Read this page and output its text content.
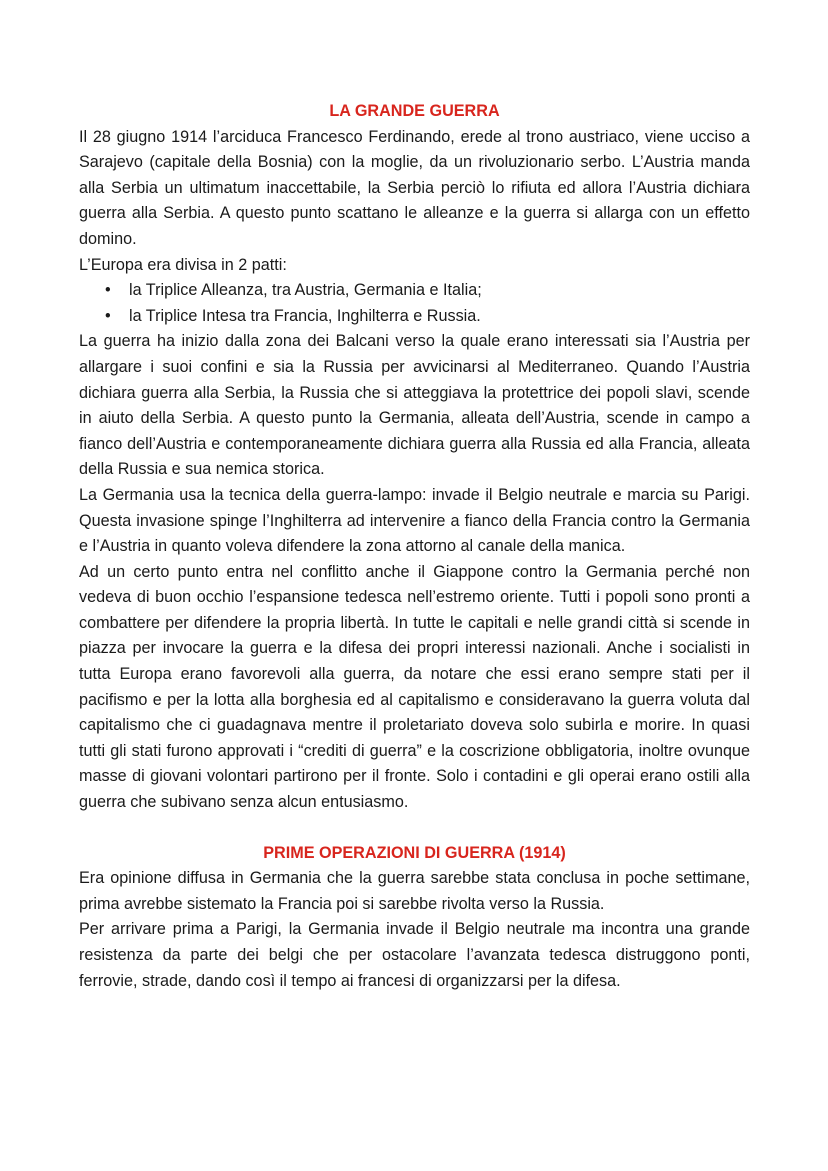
LA GRANDE GUERRA

Il 28 giugno 1914 l’arciduca Francesco Ferdinando, erede al trono austriaco, viene ucciso a Sarajevo (capitale della Bosnia) con la moglie, da un rivoluzionario serbo. L’Austria manda alla Serbia un ultimatum inaccettabile, la Serbia perciò lo rifiuta ed allora l’Austria dichiara guerra alla Serbia. A questo punto scattano le alleanze e la guerra si allarga con un effetto domino.

L’Europa era divisa in 2 patti:

• la Triplice Alleanza, tra Austria, Germania e Italia;
• la Triplice Intesa tra Francia, Inghilterra e Russia.

La guerra ha inizio dalla zona dei Balcani verso la quale erano interessati sia l’Austria per allargare i suoi confini e sia la Russia per avvicinarsi al Mediterraneo. Quando l’Austria dichiara guerra alla Serbia, la Russia che si atteggiava la protettrice dei popoli slavi, scende in aiuto della Serbia. A questo punto la Germania, alleata dell’Austria, scende in campo a fianco dell’Austria e contemporaneamente dichiara guerra alla Russia ed alla Francia, alleata della Russia e sua nemica storica.

La Germania usa la tecnica della guerra-lampo: invade il Belgio neutrale e marcia su Parigi. Questa invasione spinge l’Inghilterra ad intervenire a fianco della Francia contro la Germania e l’Austria in quanto voleva difendere la zona attorno al canale della manica.

Ad un certo punto entra nel conflitto anche il Giappone contro la Germania perché non vedeva di buon occhio l’espansione tedesca nell’estremo oriente. Tutti i popoli sono pronti a combattere per difendere la propria libertà. In tutte le capitali e nelle grandi città si scende in piazza per invocare la guerra e la difesa dei propri interessi nazionali. Anche i socialisti in tutta Europa erano favorevoli alla guerra, da notare che essi erano sempre stati per il pacifismo e per la lotta alla borghesia ed al capitalismo e consideravano la guerra voluta dal capitalismo che ci guadagnava mentre il proletariato doveva solo subirla e morire. In quasi tutti gli stati furono approvati i “crediti di guerra” e la coscrizione obbligatoria, inoltre ovunque masse di giovani volontari partirono per il fronte. Solo i contadini e gli operai erano ostili alla guerra che subivano senza alcun entusiasmo.

PRIME OPERAZIONI DI GUERRA (1914)

Era opinione diffusa in Germania che la guerra sarebbe stata conclusa in poche settimane, prima avrebbe sistemato la Francia poi si sarebbe rivolta verso la Russia.

Per arrivare prima a Parigi, la Germania invade il Belgio neutrale ma incontra una grande resistenza da parte dei belgi che per ostacolare l’avanzata tedesca distruggono ponti, ferrovie, strade, dando così il tempo ai francesi di organizzarsi per la difesa.
